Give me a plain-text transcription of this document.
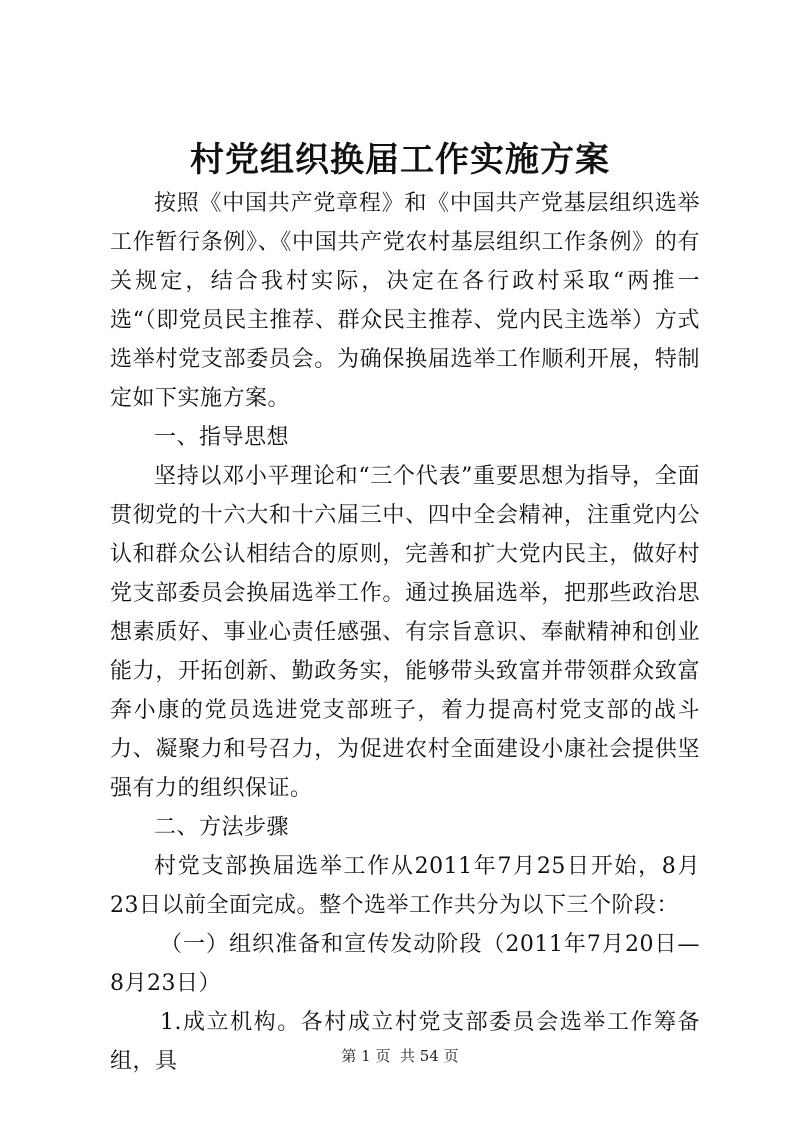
村党组织换届工作实施方案

按照《中国共产党章程》和《中国共产党基层组织选举工作暂行条例》、《中国共产党农村基层组织工作条例》的有关规定，结合我村实际，决定在各行政村采取“两推一选“（即党员民主推荐、群众民主推荐、党内民主选举）方式选举村党支部委员会。为确保换届选举工作顺利开展，特制定如下实施方案。

一、指导思想

坚持以邓小平理论和“三个代表”重要思想为指导，全面贯彻党的十六大和十六届三中、四中全会精神，注重党内公认和群众公认相结合的原则，完善和扩大党内民主，做好村党支部委员会换届选举工作。通过换届选举，把那些政治思想素质好、事业心责任感强、有宗旨意识、奉献精神和创业能力，开拓创新、勤政务实，能够带头致富并带领群众致富奔小康的党员选进党支部班子，着力提高村党支部的战斗力、凝聚力和号召力，为促进农村全面建设小康社会提供坚强有力的组织保证。

二、方法步骤

村党支部换届选举工作从2011年7月25日开始，8月23日以前全面完成。整个选举工作共分为以下三个阶段：

（一）组织准备和宣传发动阶段（2011年7月20日—8月23日）

1.成立机构。各村成立村党支部委员会选举工作筹备组，具	第 1 页  共 54 页
